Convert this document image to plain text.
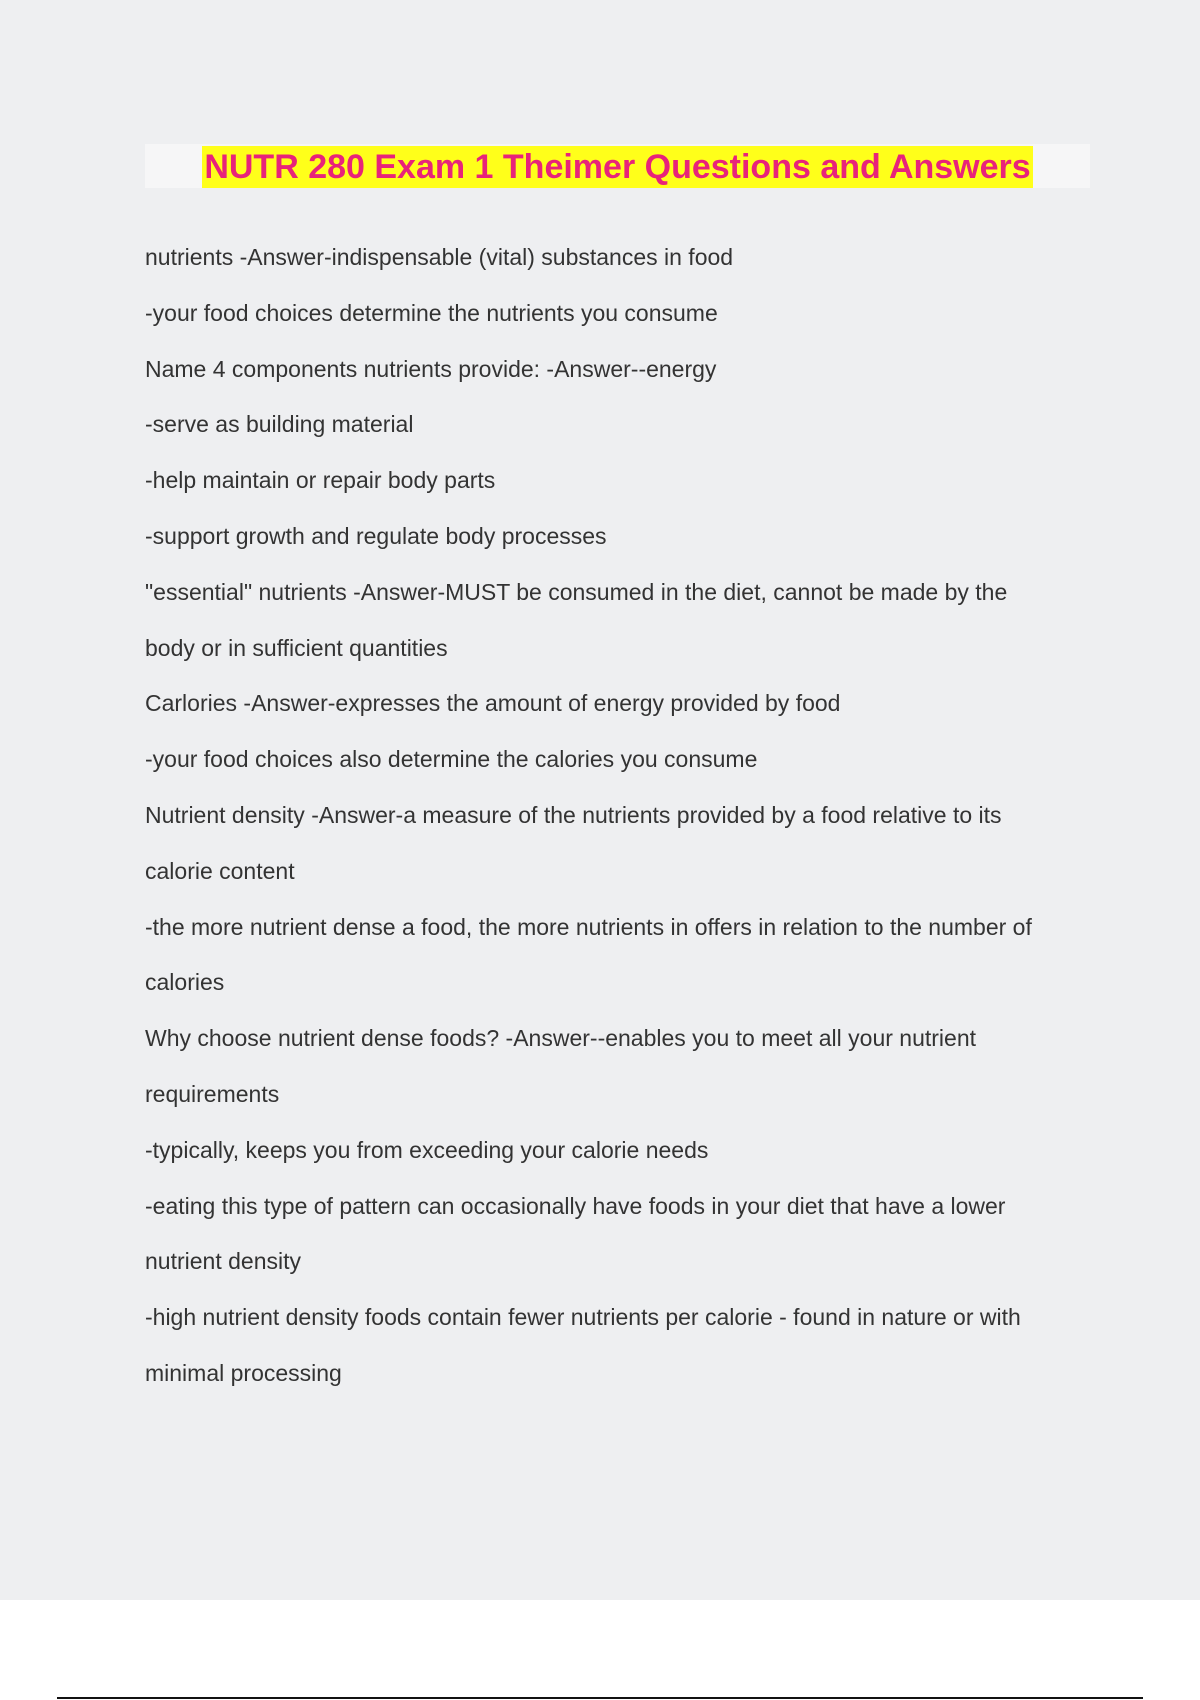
NUTR 280 Exam 1 Theimer Questions and Answers
nutrients -Answer-indispensable (vital) substances in food
-your food choices determine the nutrients you consume
Name 4 components nutrients provide: -Answer--energy
-serve as building material
-help maintain or repair body parts
-support growth and regulate body processes
"essential" nutrients -Answer-MUST be consumed in the diet, cannot be made by the
body or in sufficient quantities
Carlories -Answer-expresses the amount of energy provided by food
-your food choices also determine the calories you consume
Nutrient density -Answer-a measure of the nutrients provided by a food relative to its
calorie content
-the more nutrient dense a food, the more nutrients in offers in relation to the number of
calories
Why choose nutrient dense foods? -Answer--enables you to meet all your nutrient
requirements
-typically, keeps you from exceeding your calorie needs
-eating this type of pattern can occasionally have foods in your diet that have a lower
nutrient density
-high nutrient density foods contain fewer nutrients per calorie - found in nature or with
minimal processing
